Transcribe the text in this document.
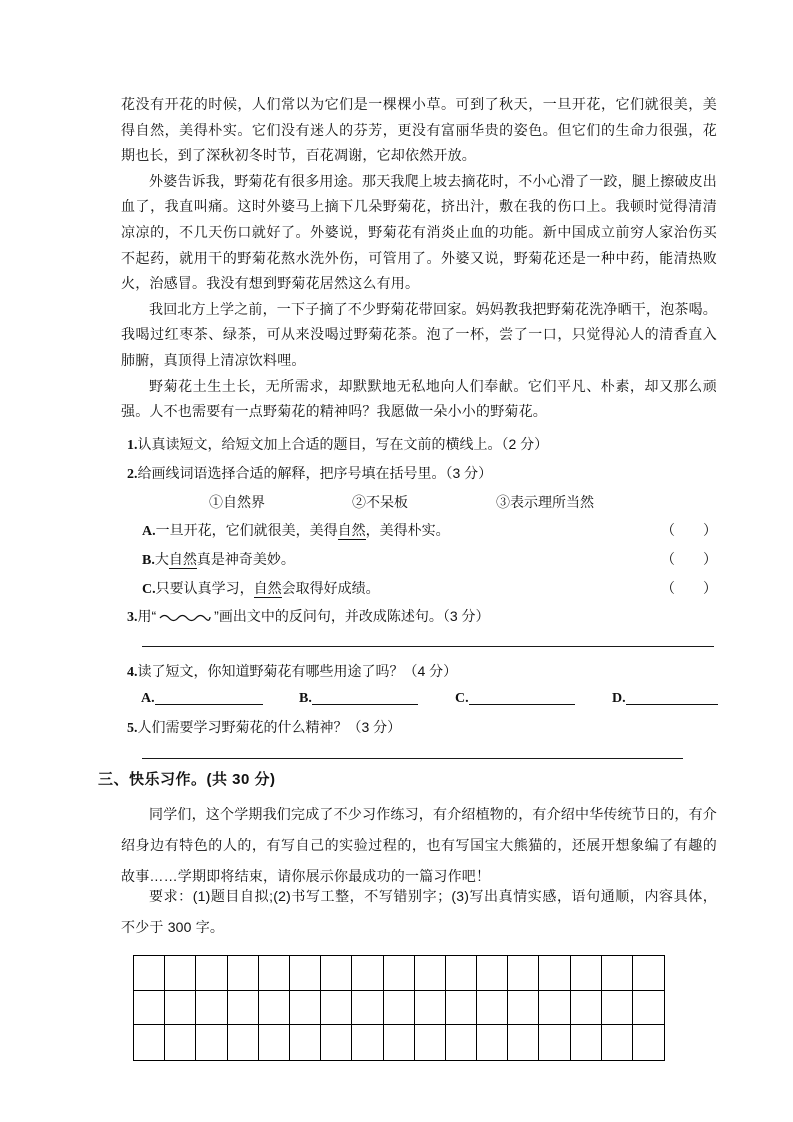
花没有开花的时候，人们常以为它们是一棵棵小草。可到了秋天，一旦开花，它们就很美，美得自然，美得朴实。它们没有迷人的芬芳，更没有富丽华贵的姿色。但它们的生命力很强，花期也长，到了深秋初冬时节，百花凋谢，它却依然开放。

外婆告诉我，野菊花有很多用途。那天我爬上坡去摘花时，不小心滑了一跤，腿上擦破皮出血了，我直叫痛。这时外婆马上摘下几朵野菊花，挤出汁，敷在我的伤口上。我顿时觉得清清凉凉的，不几天伤口就好了。外婆说，野菊花有消炎止血的功能。新中国成立前穷人家治伤买不起药，就用干的野菊花熬水洗外伤，可管用了。外婆又说，野菊花还是一种中药，能清热败火，治感冒。我没有想到野菊花居然这么有用。

我回北方上学之前，一下子摘了不少野菊花带回家。妈妈教我把野菊花洗净晒干，泡茶喝。我喝过红枣茶、绿茶，可从来没喝过野菊花茶。泡了一杯，尝了一口，只觉得沁人的清香直入肺腑，真顶得上清凉饮料哩。

野菊花土生土长，无所需求，却默默地无私地向人们奉献。它们平凡、朴素，却又那么顽强。人不也需要有一点野菊花的精神吗？我愿做一朵小小的野菊花。

1.认真读短文，给短文加上合适的题目，写在文前的横线上。（2 分）
2.给画线词语选择合适的解释，把序号填在括号里。（3 分）
①自然界	②不呆板	③表示理所当然
A.一旦开花，它们就很美，美得自然，美得朴实。	（ ）
B.大自然真是神奇美妙。	（ ）
C.只要认真学习，自然会取得好成绩。	（ ）
3.用“	”画出文中的反问句，并改成陈述句。（3 分）
4.读了短文，你知道野菊花有哪些用途了吗？（4 分）
A.	B.	C.	D.
5.人们需要学习野菊花的什么精神？（3 分）
三、快乐习作。(共 30 分)

同学们，这个学期我们完成了不少习作练习，有介绍植物的，有介绍中华传统节日的，有介绍身边有特色的人的，有写自己的实验过程的，也有写国宝大熊猫的，还展开想象编了有趣的故事……学期即将结束，请你展示你最成功的一篇习作吧！

要求：(1)题目自拟;(2)书写工整，不写错别字；(3)写出真情实感，语句通顺，内容具体，不少于 300 字。
